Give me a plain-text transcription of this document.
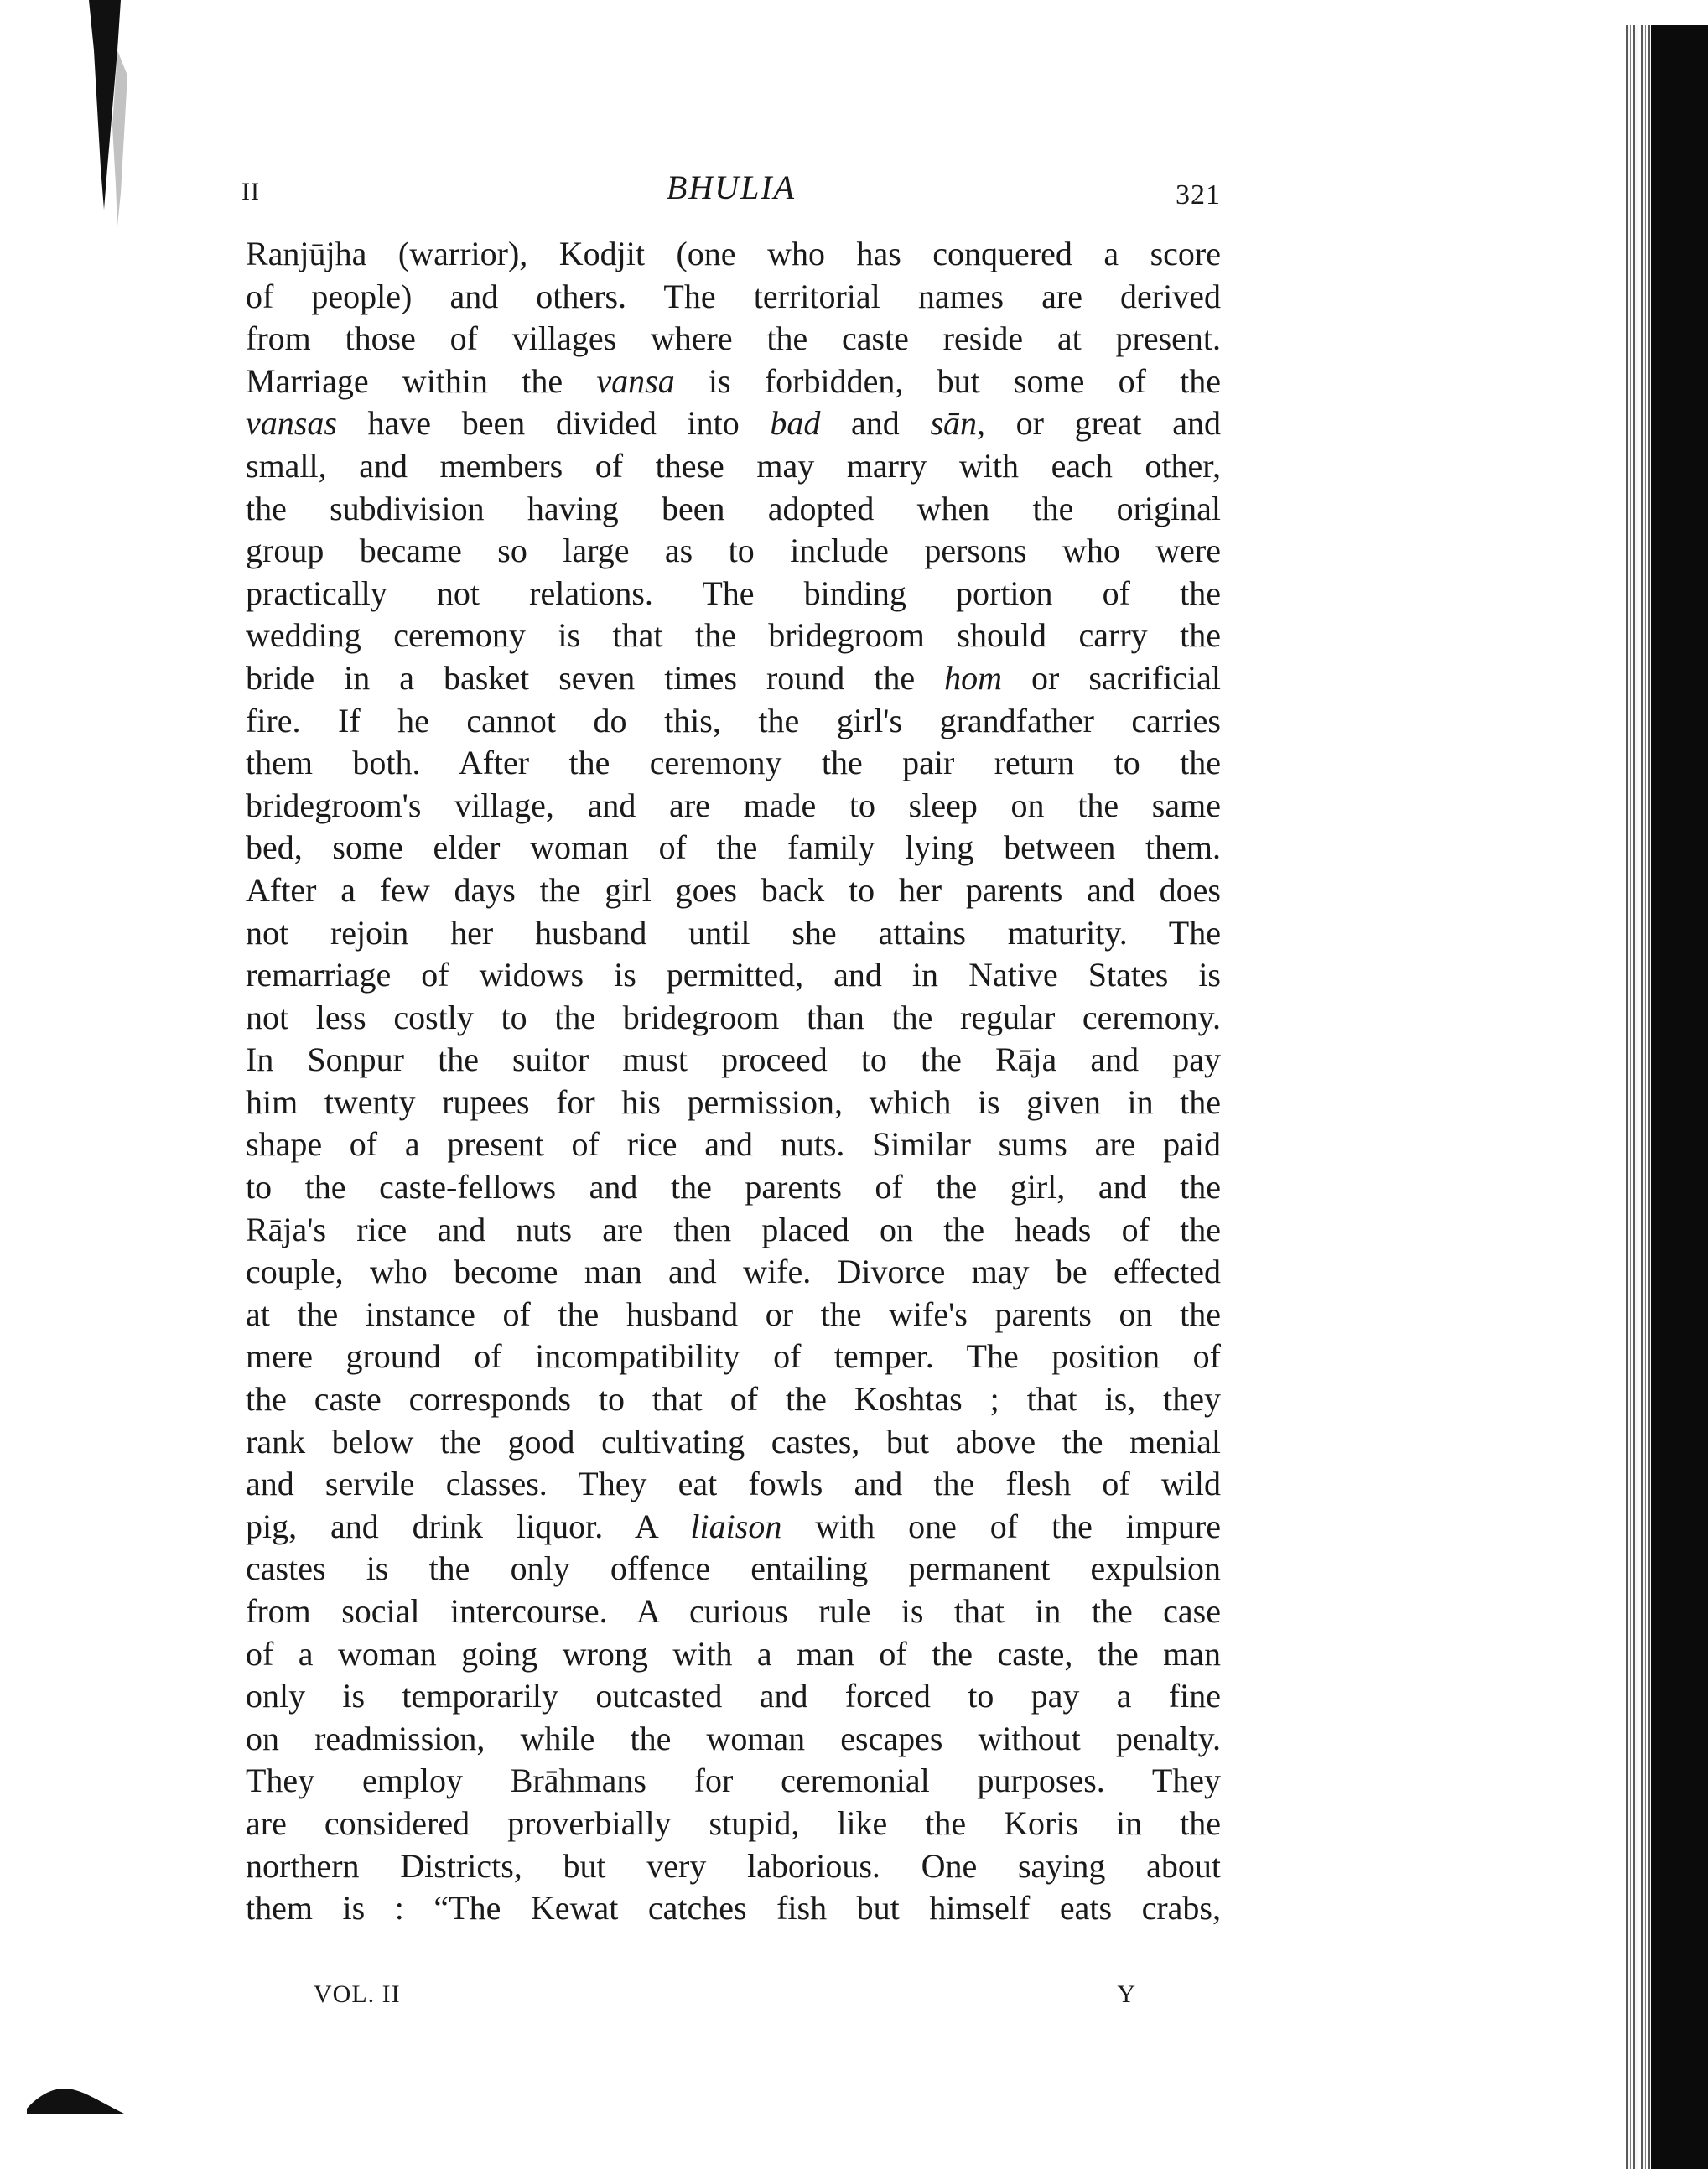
II	BHULIA	321
Ranjūjha (warrior), Kodjit (one who has conquered a score
of people) and others. The territorial names are derived
from those of villages where the caste reside at present.
Marriage within the vansa is forbidden, but some of the
vansas have been divided into bad and sān, or great and
small, and members of these may marry with each other,
the subdivision having been adopted when the original
group became so large as to include persons who were
practically not relations. The binding portion of the
wedding ceremony is that the bridegroom should carry the
bride in a basket seven times round the hom or sacrificial
fire. If he cannot do this, the girl's grandfather carries
them both. After the ceremony the pair return to the
bridegroom's village, and are made to sleep on the same
bed, some elder woman of the family lying between them.
After a few days the girl goes back to her parents and does
not rejoin her husband until she attains maturity. The
remarriage of widows is permitted, and in Native States is
not less costly to the bridegroom than the regular ceremony.
In Sonpur the suitor must proceed to the Rāja and pay
him twenty rupees for his permission, which is given in the
shape of a present of rice and nuts. Similar sums are paid
to the caste-fellows and the parents of the girl, and the
Rāja's rice and nuts are then placed on the heads of the
couple, who become man and wife. Divorce may be effected
at the instance of the husband or the wife's parents on the
mere ground of incompatibility of temper. The position of
the caste corresponds to that of the Koshtas ; that is, they
rank below the good cultivating castes, but above the menial
and servile classes. They eat fowls and the flesh of wild
pig, and drink liquor. A liaison with one of the impure
castes is the only offence entailing permanent expulsion
from social intercourse. A curious rule is that in the case
of a woman going wrong with a man of the caste, the man
only is temporarily outcasted and forced to pay a fine
on readmission, while the woman escapes without penalty.
They employ Brāhmans for ceremonial purposes. They
are considered proverbially stupid, like the Koris in the
northern Districts, but very laborious. One saying about
them is : “The Kewat catches fish but himself eats crabs,
VOL. II	Y
